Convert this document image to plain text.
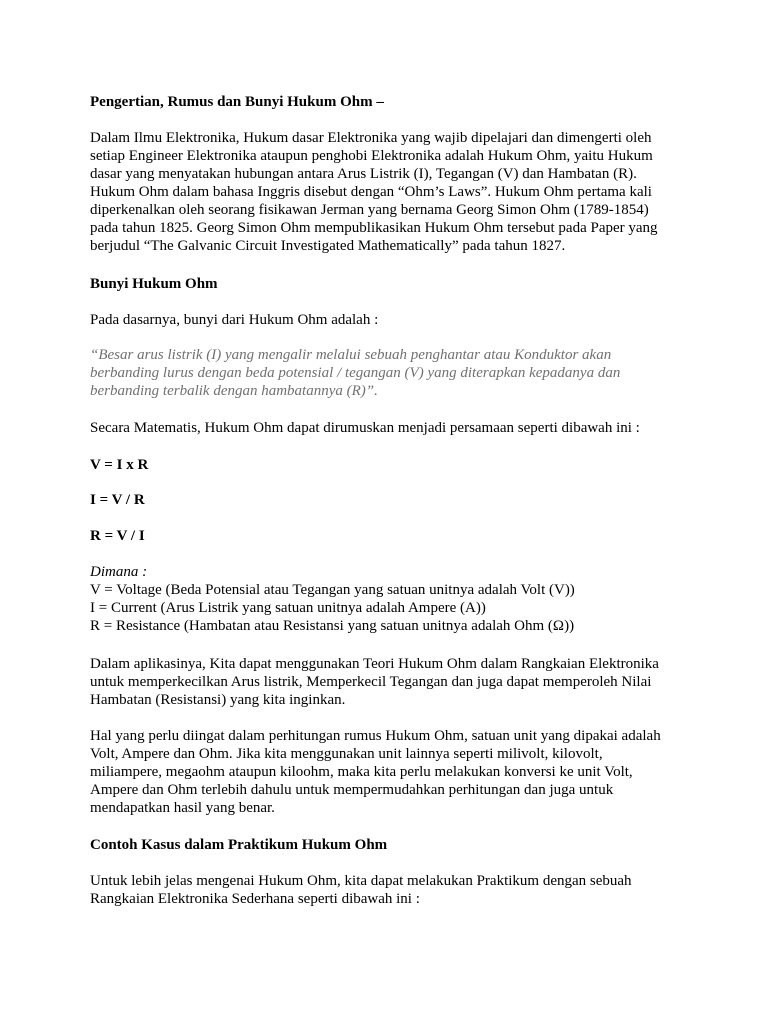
Pengertian, Rumus dan Bunyi Hukum Ohm –
Dalam Ilmu Elektronika, Hukum dasar Elektronika yang wajib dipelajari dan dimengerti oleh
setiap Engineer Elektronika ataupun penghobi Elektronika adalah Hukum Ohm, yaitu Hukum
dasar yang menyatakan hubungan antara Arus Listrik (I), Tegangan (V) dan Hambatan (R).
Hukum Ohm dalam bahasa Inggris disebut dengan “Ohm’s Laws”. Hukum Ohm pertama kali
diperkenalkan oleh seorang fisikawan Jerman yang bernama Georg Simon Ohm (1789-1854)
pada tahun 1825. Georg Simon Ohm mempublikasikan Hukum Ohm tersebut pada Paper yang
berjudul “The Galvanic Circuit Investigated Mathematically” pada tahun 1827.
Bunyi Hukum Ohm
Pada dasarnya, bunyi dari Hukum Ohm adalah :
“Besar arus listrik (I) yang mengalir melalui sebuah penghantar atau Konduktor akan
berbanding lurus dengan beda potensial / tegangan (V) yang diterapkan kepadanya dan
berbanding terbalik dengan hambatannya (R)”.
Secara Matematis, Hukum Ohm dapat dirumuskan menjadi persamaan seperti dibawah ini :
V = I x R
I = V / R
R = V / I
Dimana :
V = Voltage (Beda Potensial atau Tegangan yang satuan unitnya adalah Volt (V))
I = Current (Arus Listrik yang satuan unitnya adalah Ampere (A))
R = Resistance (Hambatan atau Resistansi yang satuan unitnya adalah Ohm (Ω))
Dalam aplikasinya, Kita dapat menggunakan Teori Hukum Ohm dalam Rangkaian Elektronika
untuk memperkecilkan Arus listrik, Memperkecil Tegangan dan juga dapat memperoleh Nilai
Hambatan (Resistansi) yang kita inginkan.
Hal yang perlu diingat dalam perhitungan rumus Hukum Ohm, satuan unit yang dipakai adalah
Volt, Ampere dan Ohm. Jika kita menggunakan unit lainnya seperti milivolt, kilovolt,
miliampere, megaohm ataupun kiloohm, maka kita perlu melakukan konversi ke unit Volt,
Ampere dan Ohm terlebih dahulu untuk mempermudahkan perhitungan dan juga untuk
mendapatkan hasil yang benar.
Contoh Kasus dalam Praktikum Hukum Ohm
Untuk lebih jelas mengenai Hukum Ohm, kita dapat melakukan Praktikum dengan sebuah
Rangkaian Elektronika Sederhana seperti dibawah ini :
